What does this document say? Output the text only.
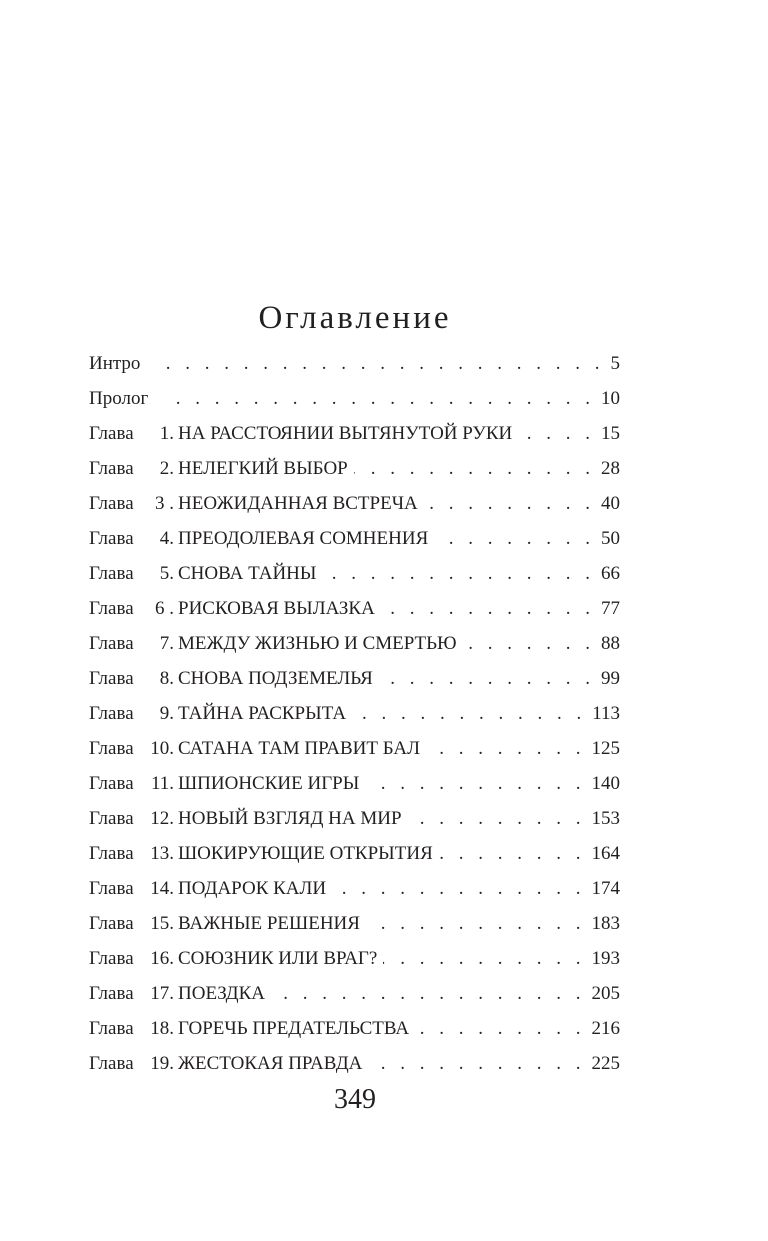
Оглавление
Интро . . .	5
Пролог . . .	10
Глава	1. НА РАССТОЯНИИ ВЫТЯНУТОЙ РУКИ . . .	15
Глава	2. НЕЛЕГКИЙ ВЫБОР . . .	28
Глава	3 . НЕОЖИДАННАЯ ВСТРЕЧА . . .	40
Глава	4. ПРЕОДОЛЕВАЯ СОМНЕНИЯ . . .	50
Глава	5. СНОВА ТАЙНЫ . . .	66
Глава	6 . РИСКОВАЯ ВЫЛАЗКА . . .	77
Глава	7. МЕЖДУ ЖИЗНЬЮ И СМЕРТЬЮ . . .	88
Глава	8. СНОВА ПОДЗЕМЕЛЬЯ . . .	99
Глава	9. ТАЙНА РАСКРЫТА . . .	113
Глава 10. САТАНА ТАМ ПРАВИТ БАЛ . . .	125
Глава 11. ШПИОНСКИЕ ИГРЫ . . .	140
Глава 12. НОВЫЙ ВЗГЛЯД НА МИР . . .	153
Глава 13. ШОКИРУЮЩИЕ ОТКРЫТИЯ . . .	164
Глава 14. ПОДАРОК КАЛИ . . .	174
Глава 15. ВАЖНЫЕ РЕШЕНИЯ . . .	183
Глава 16. СОЮЗНИК ИЛИ ВРАГ? . . .	193
Глава 17. ПОЕЗДКА . . .	205
Глава 18. ГОРЕЧЬ ПРЕДАТЕЛЬСТВА . . .	216
Глава 19. ЖЕСТОКАЯ ПРАВДА . . .	225
349
